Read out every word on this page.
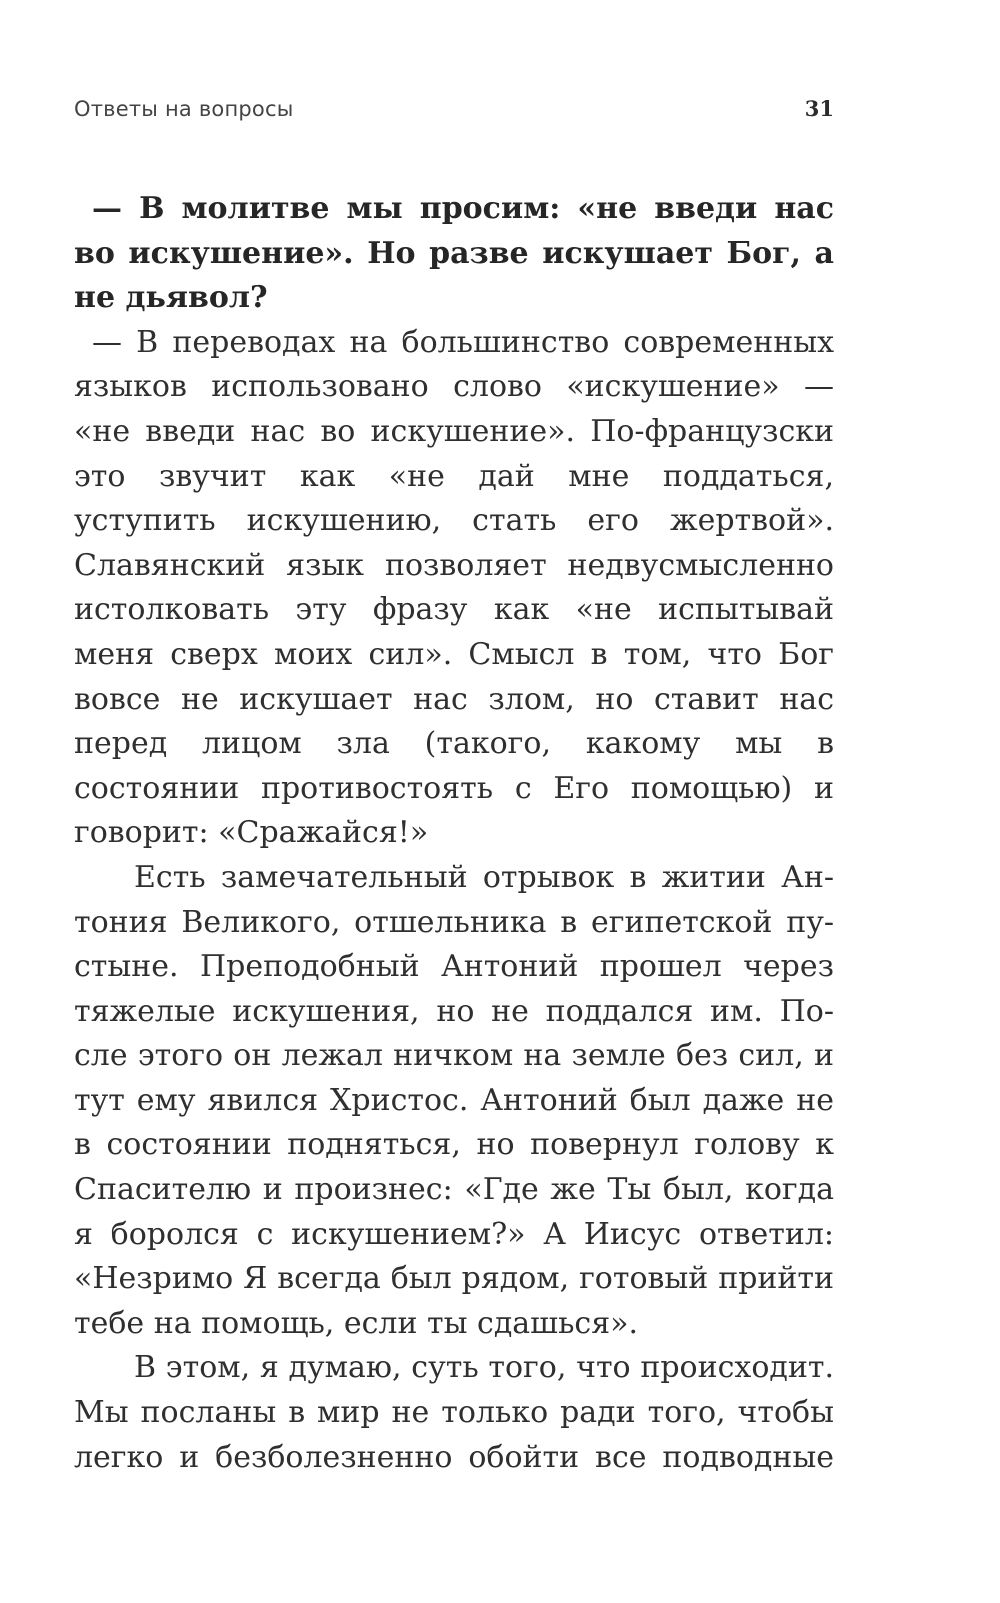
Ответы на вопросы	31

— В молитве мы просим: «не введи нас во искушение». Но разве искушает Бог, а не дьявол?

— В переводах на большинство современных языков использовано слово «искушение» — «не введи нас во искушение». По-французски это звучит как «не дай мне поддаться, уступить искушению, стать его жертвой». Славянский язык позволяет недвусмысленно истолковать эту фразу как «не испытывай меня сверх моих сил». Смысл в том, что Бог вовсе не искушает нас злом, но ставит нас перед лицом зла (такого, какому мы в состоянии противостоять с Его помощью) и говорит: «Сражайся!»

Есть замечательный отрывок в житии Антония Великого, отшельника в египетской пустыне. Преподобный Антоний прошел через тяжелые искушения, но не поддался им. После этого он лежал ничком на земле без сил, и тут ему явился Христос. Антоний был даже не в состоянии подняться, но повернул голову к Спасителю и произнес: «Где же Ты был, когда я боролся с искушением?» А Иисус ответил: «Незримо Я всегда был рядом, готовый прийти тебе на помощь, если ты сдашься».

В этом, я думаю, суть того, что происходит. Мы посланы в мир не только ради того, чтобы легко и безболезненно обойти все подводные
